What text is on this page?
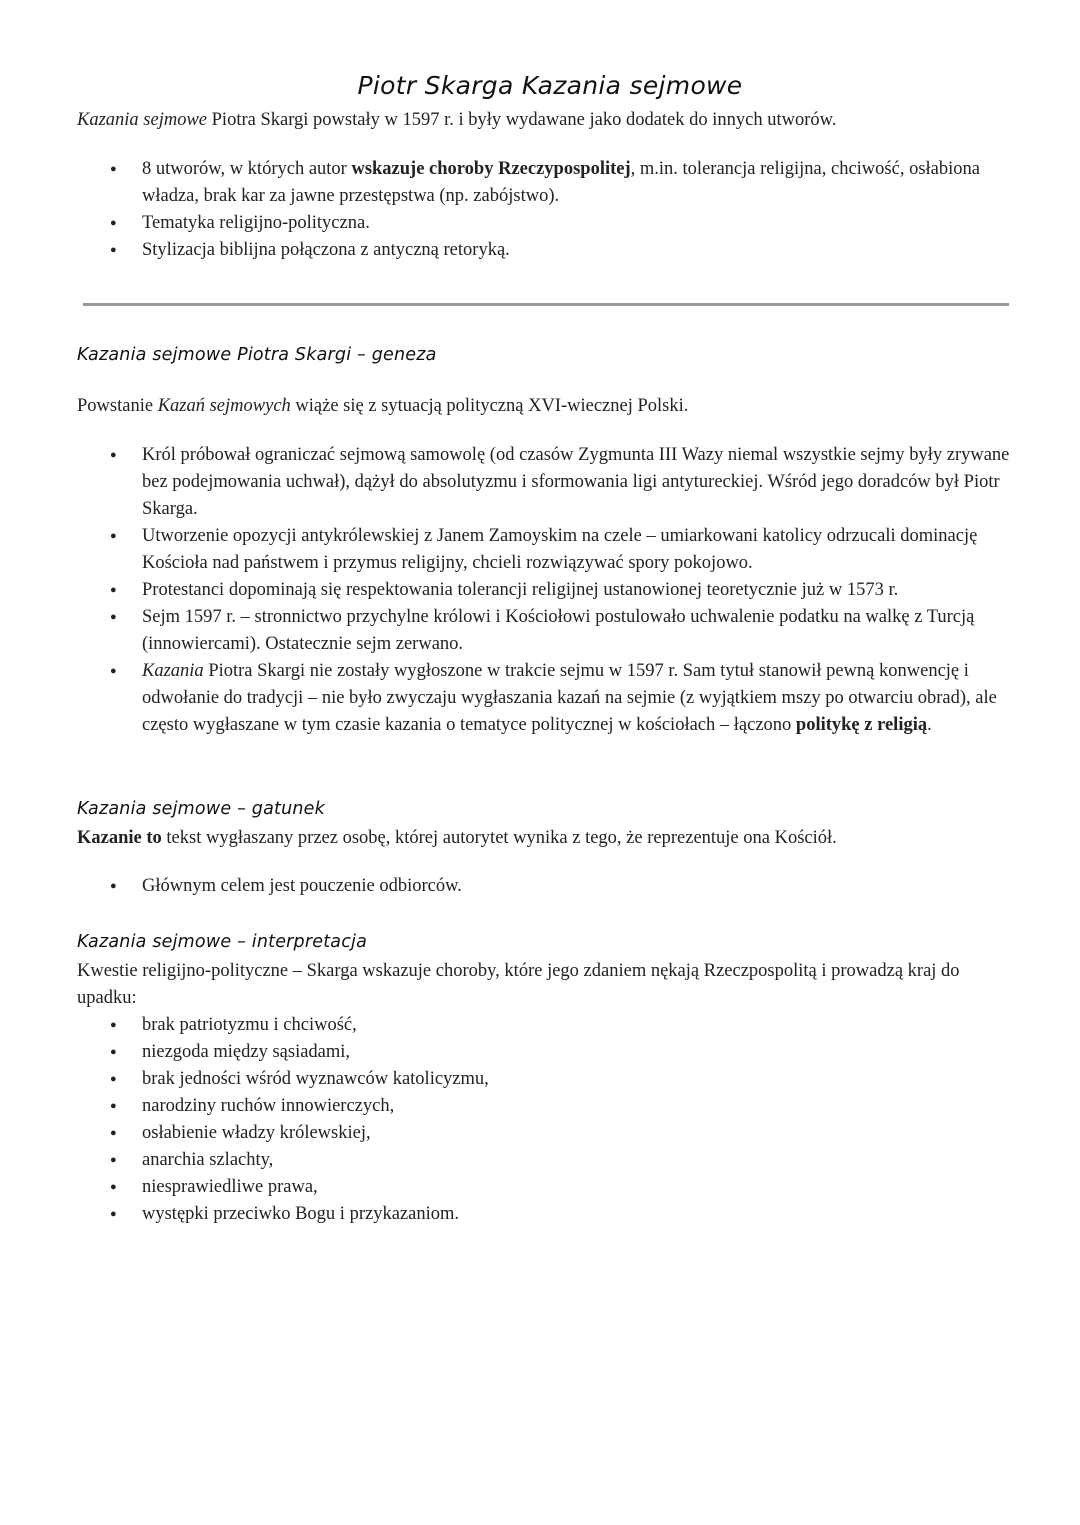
Piotr Skarga Kazania sejmowe

Kazania sejmowe Piotra Skargi powstały w 1597 r. i były wydawane jako dodatek do innych utworów.

● 8 utworów, w których autor wskazuje choroby Rzeczypospolitej, m.in. tolerancja religijna, chciwość, osłabiona władza, brak kar za jawne przestępstwa (np. zabójstwo).
● Tematyka religijno-polityczna.
● Stylizacja biblijna połączona z antyczną retoryką.
Kazania sejmowe Piotra Skargi – geneza

Powstanie Kazań sejmowych wiąże się z sytuacją polityczną XVI-wiecznej Polski.

● Król próbował ograniczać sejmową samowolę (od czasów Zygmunta III Wazy niemal wszystkie sejmy były zrywane bez podejmowania uchwał), dążył do absolutyzmu i sformowania ligi antytureckiej. Wśród jego doradców był Piotr Skarga.
● Utworzenie opozycji antykrólewskiej z Janem Zamoyskim na czele – umiarkowani katolicy odrzucali dominację Kościoła nad państwem i przymus religijny, chcieli rozwiązywać spory pokojowo.
● Protestanci dopominają się respektowania tolerancji religijnej ustanowionej teoretycznie już w 1573 r.
● Sejm 1597 r. – stronnictwo przychylne królowi i Kościołowi postulowało uchwalenie podatku na walkę z Turcją (innowiercami). Ostatecznie sejm zerwano.
● Kazania Piotra Skargi nie zostały wygłoszone w trakcie sejmu w 1597 r. Sam tytuł stanowił pewną konwencję i odwołanie do tradycji – nie było zwyczaju wygłaszania kazań na sejmie (z wyjątkiem mszy po otwarciu obrad), ale często wygłaszane w tym czasie kazania o tematyce politycznej w kościołach – łączono politykę z religią.
Kazania sejmowe – gatunek

Kazanie to tekst wygłaszany przez osobę, której autorytet wynika z tego, że reprezentuje ona Kościół.

● Głównym celem jest pouczenie odbiorców.
Kazania sejmowe – interpretacja

Kwestie religijno-polityczne – Skarga wskazuje choroby, które jego zdaniem nękają Rzeczpospolitą i prowadzą kraj do upadku:

● brak patriotyzmu i chciwość,
● niezgoda między sąsiadami,
● brak jedności wśród wyznawców katolicyzmu,
● narodziny ruchów innowierczych,
● osłabienie władzy królewskiej,
● anarchia szlachty,
● niesprawiedliwe prawa,
● występki przeciwko Bogu i przykazaniom.
